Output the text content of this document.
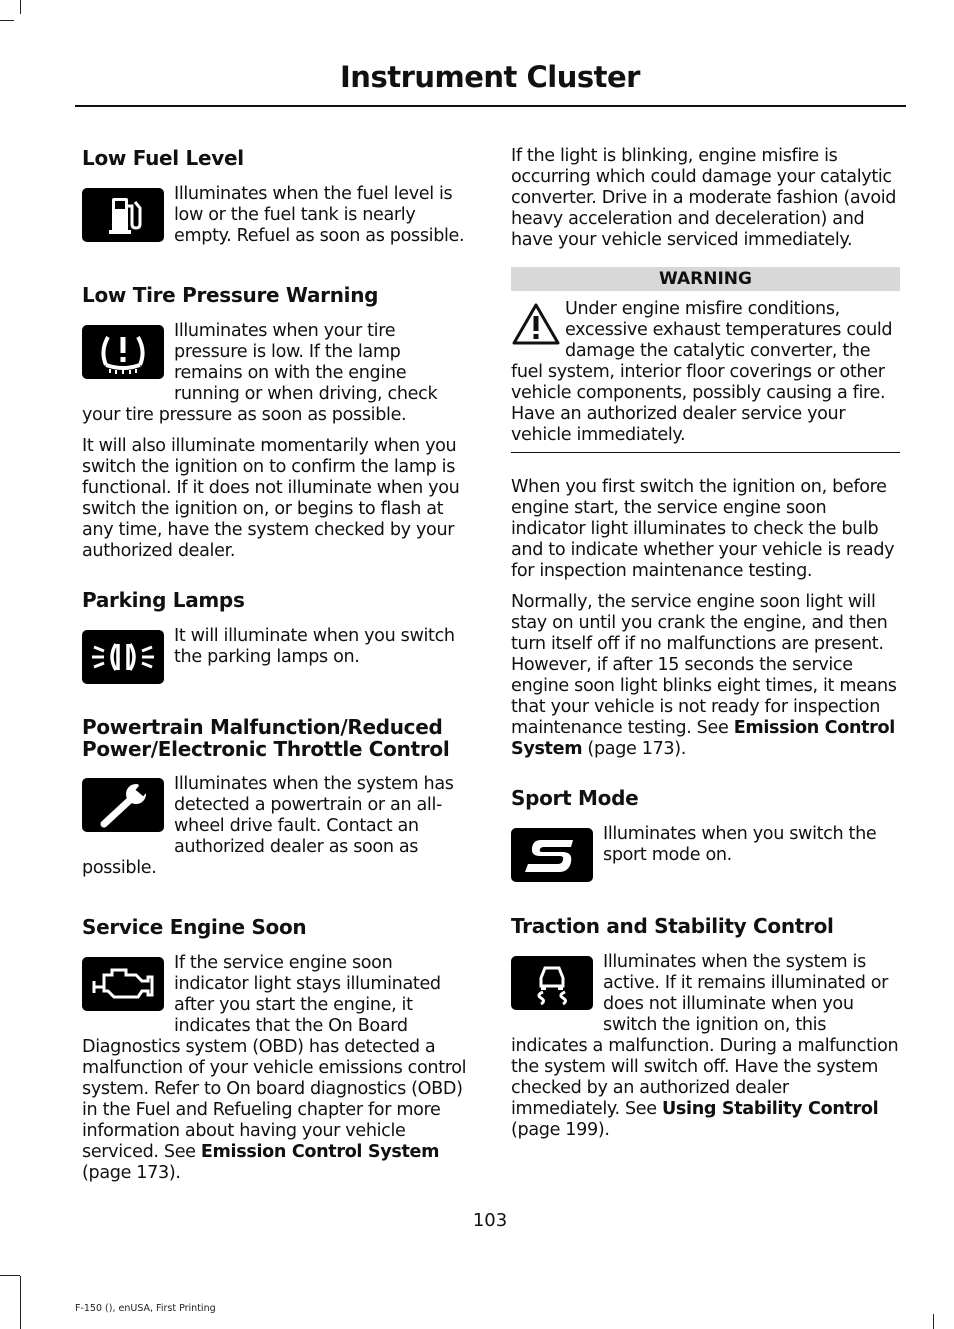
Instrument Cluster
Low Fuel Level

Illuminates when the fuel level is low or the fuel tank is nearly empty. Refuel as soon as possible.

Low Tire Pressure Warning

Illuminates when your tire pressure is low. If the lamp remains on with the engine running or when driving, check your tire pressure as soon as possible.

It will also illuminate momentarily when you switch the ignition on to confirm the lamp is functional. If it does not illuminate when you switch the ignition on, or begins to flash at any time, have the system checked by your authorized dealer.

Parking Lamps

It will illuminate when you switch the parking lamps on.

Powertrain Malfunction/Reduced
Power/Electronic Throttle Control

Illuminates when the system has detected a powertrain or an all-wheel drive fault. Contact an authorized dealer as soon as possible.

Service Engine Soon

If the service engine soon indicator light stays illuminated after you start the engine, it indicates that the On Board Diagnostics system (OBD) has detected a malfunction of your vehicle emissions control system. Refer to On board diagnostics (OBD) in the Fuel and Refueling chapter for more information about having your vehicle serviced. See Emission Control System (page 173).

If the light is blinking, engine misfire is occurring which could damage your catalytic converter. Drive in a moderate fashion (avoid heavy acceleration and deceleration) and have your vehicle serviced immediately.

WARNING

Under engine misfire conditions, excessive exhaust temperatures could damage the catalytic converter, the fuel system, interior floor coverings or other vehicle components, possibly causing a fire. Have an authorized dealer service your vehicle immediately.

When you first switch the ignition on, before engine start, the service engine soon indicator light illuminates to check the bulb and to indicate whether your vehicle is ready for inspection maintenance testing.

Normally, the service engine soon light will stay on until you crank the engine, and then turn itself off if no malfunctions are present. However, if after 15 seconds the service engine soon light blinks eight times, it means that your vehicle is not ready for inspection maintenance testing. See Emission Control System (page 173).

Sport Mode

Illuminates when you switch the sport mode on.

Traction and Stability Control

Illuminates when the system is active. If it remains illuminated or does not illuminate when you switch the ignition on, this indicates a malfunction. During a malfunction the system will switch off. Have the system checked by an authorized dealer immediately. See Using Stability Control (page 199).

103
F-150 (), enUSA, First Printing
